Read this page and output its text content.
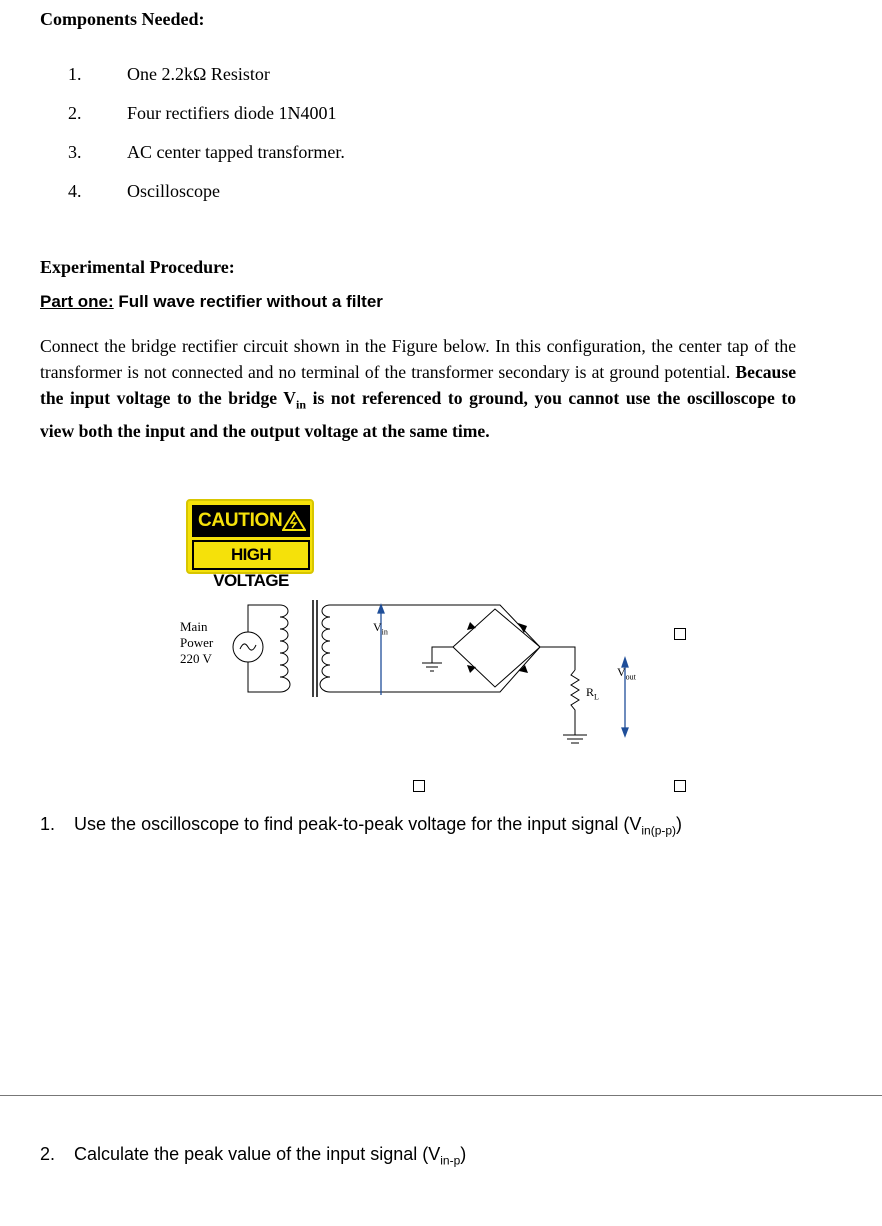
Components Needed:
1.	One 2.2kΩ Resistor
2.	Four rectifiers diode 1N4001
3.	AC center tapped transformer.
4.	Oscilloscope
Experimental Procedure:
Part one: Full wave rectifier without a filter
Connect the bridge rectifier circuit shown in the Figure below. In this configuration, the center tap of the transformer is not connected and no terminal of the transformer secondary is at ground potential. Because the input voltage to the bridge $V_{in}$ is not referenced to ground, you cannot use the oscilloscope to view both the input and the output voltage at the same time.
CAUTION
HIGH VOLTAGE
Main
Power
220 V
$V_{in}$
$V_{out}$
$R_L$
1. Use the oscilloscope to find peak-to-peak voltage for the input signal $(V_{in(p-p)})$
2. Calculate the peak value of the input signal $(V_{in-p})$
